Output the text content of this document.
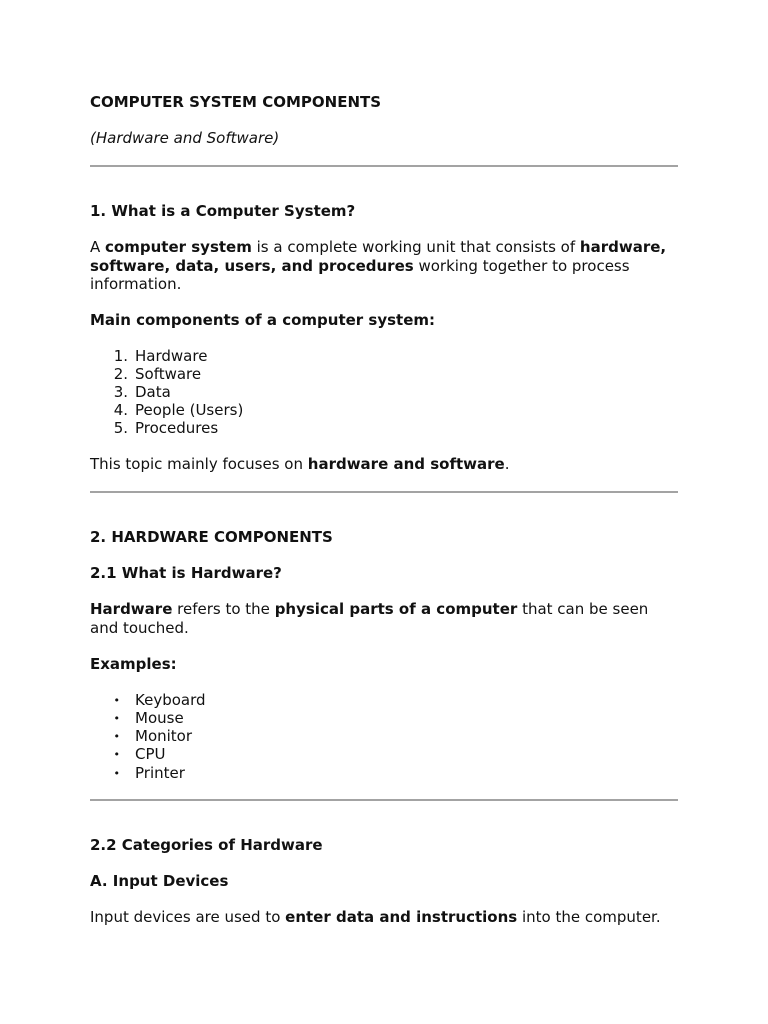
COMPUTER SYSTEM COMPONENTS
(Hardware and Software)
1. What is a Computer System?
A computer system is a complete working unit that consists of hardware,
software, data, users, and procedures working together to process
information.
Main components of a computer system:
1. Hardware
2. Software
3. Data
4. People (Users)
5. Procedures
This topic mainly focuses on hardware and software.
2. HARDWARE COMPONENTS
2.1 What is Hardware?
Hardware refers to the physical parts of a computer that can be seen
and touched.
Examples:
• Keyboard
• Mouse
• Monitor
• CPU
• Printer
2.2 Categories of Hardware
A. Input Devices
Input devices are used to enter data and instructions into the computer.
